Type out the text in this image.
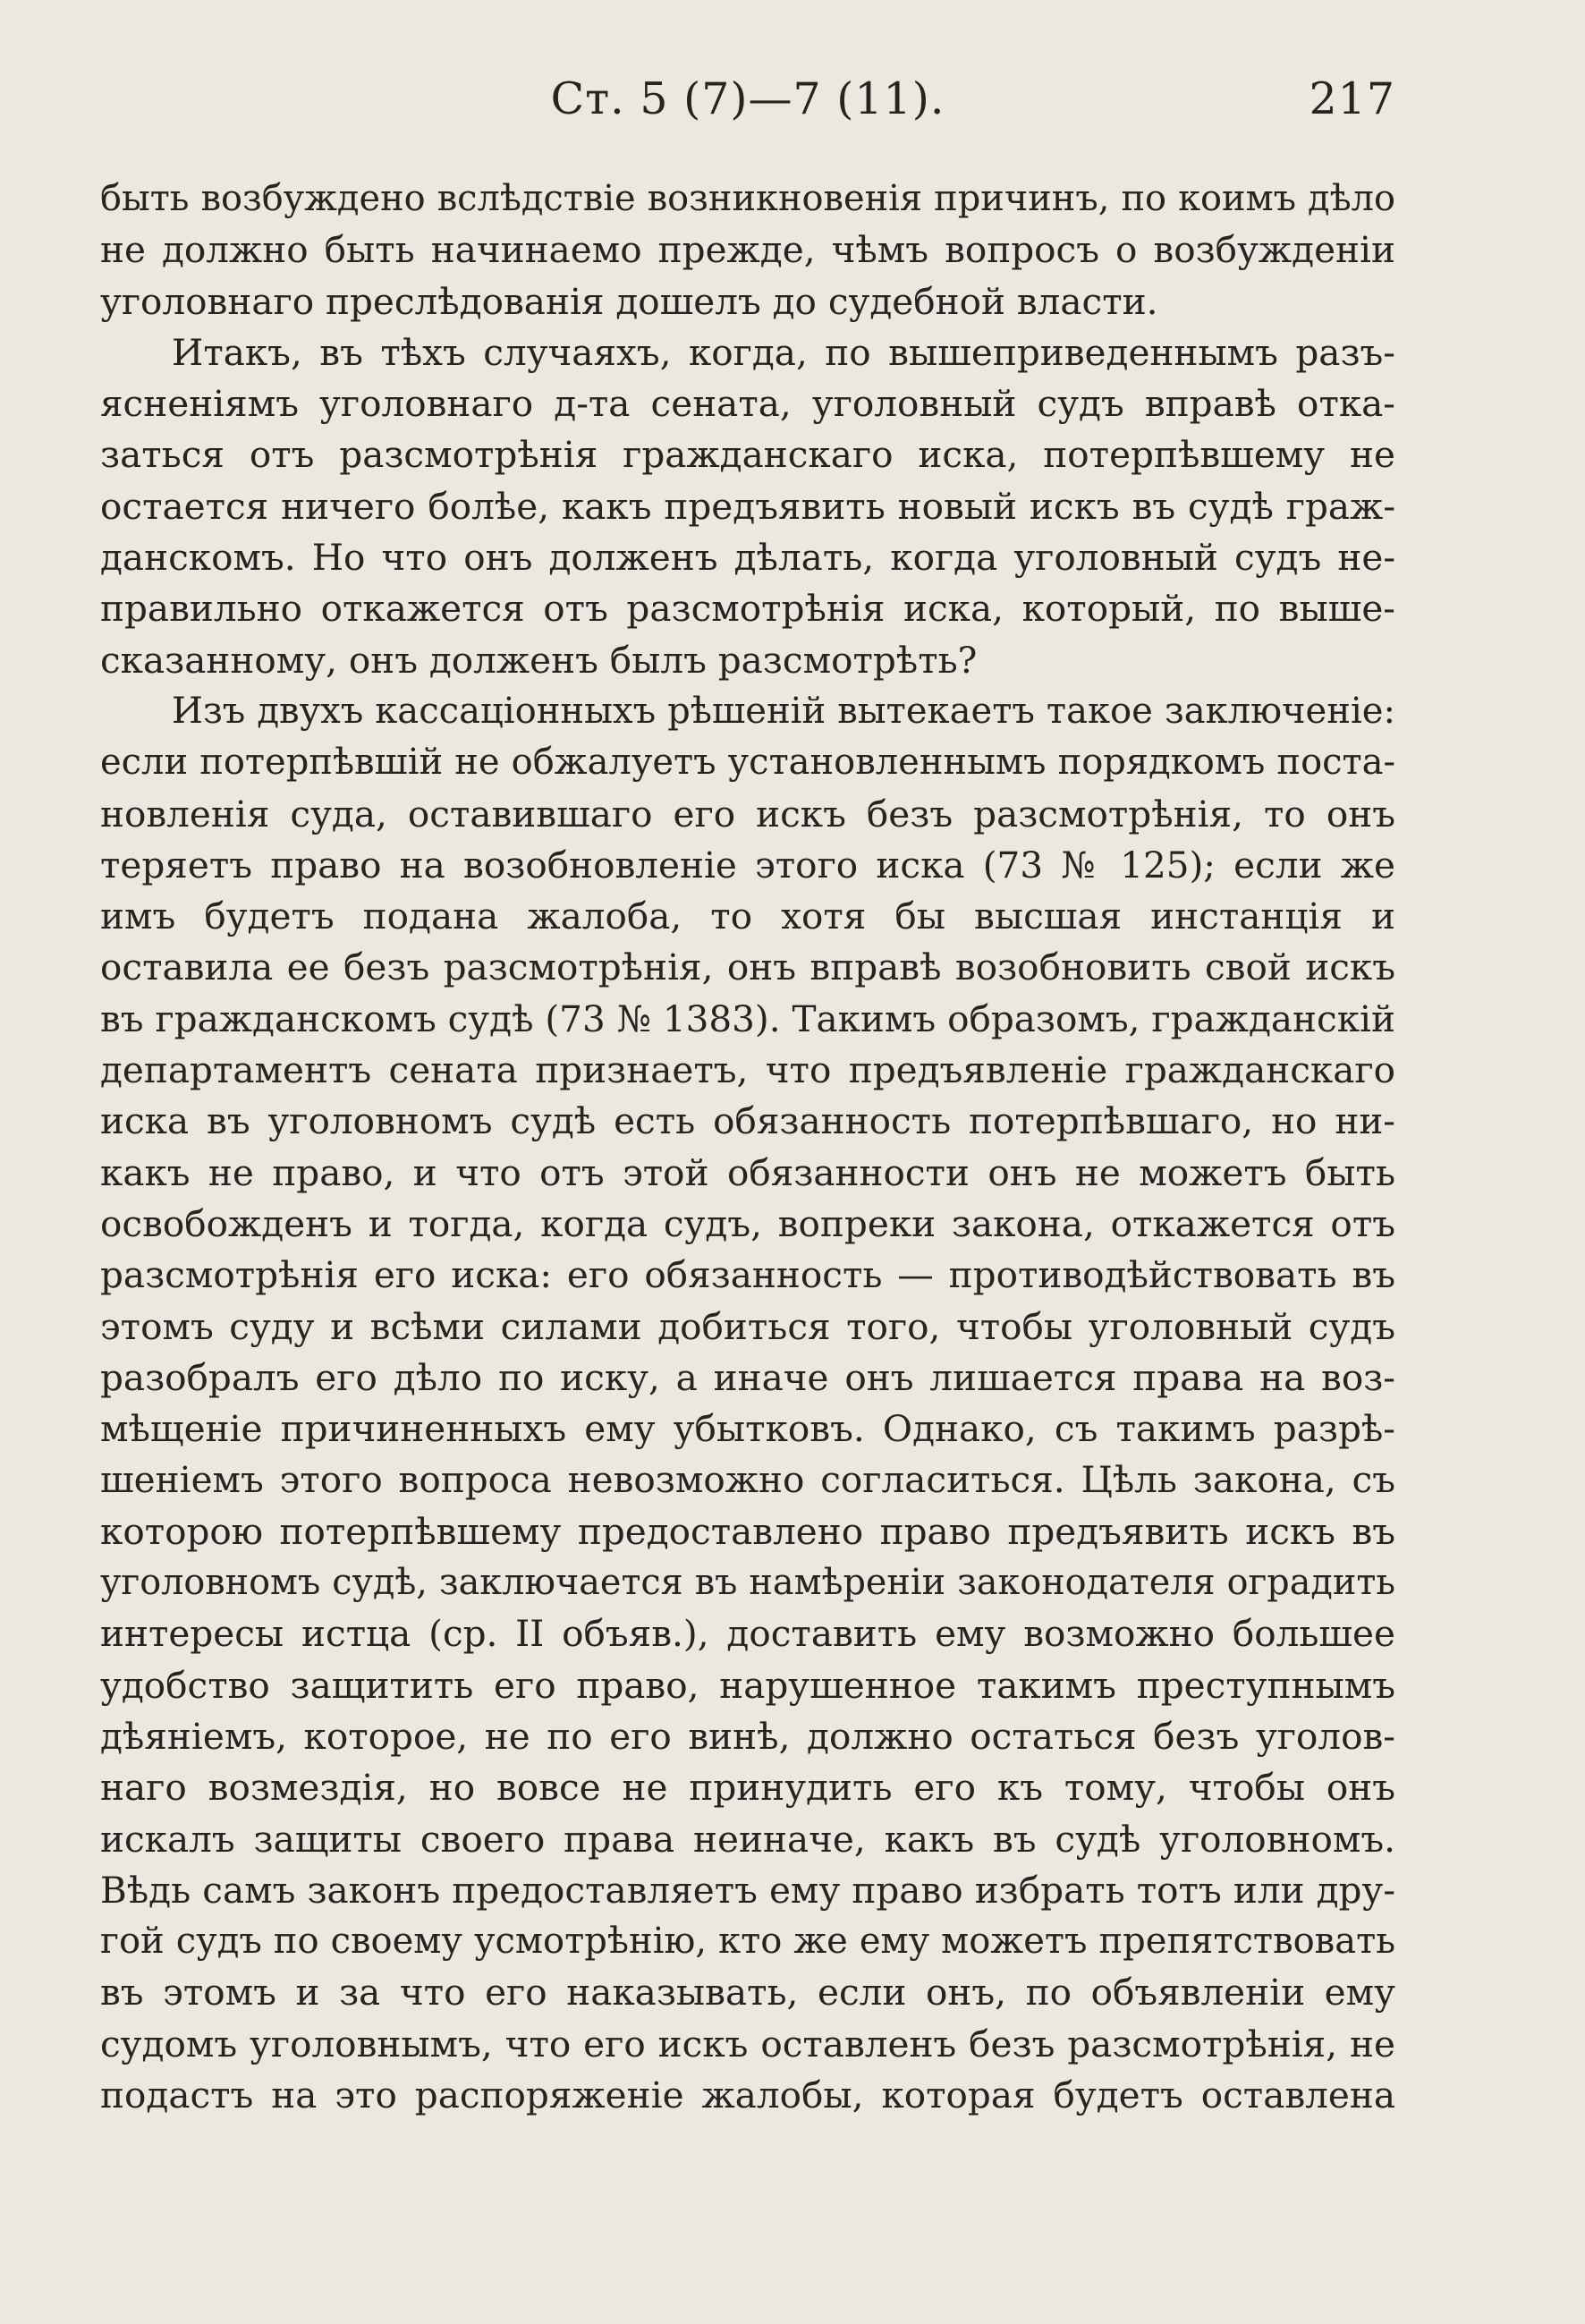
Ст. 5 (7)—7 (11).	217
быть возбуждено вслѣдствіе возникновенія причинъ, по коимъ дѣло
не должно быть начинаемо прежде, чѣмъ вопросъ о возбужденіи
уголовнаго преслѣдованія дошелъ до судебной власти.
Итакъ, въ тѣхъ случаяхъ, когда, по вышеприведеннымъ разъ-
ясненіямъ уголовнаго д-та сената, уголовный судъ вправѣ отка-
заться отъ разсмотрѣнія гражданскаго иска, потерпѣвшему не
остается ничего болѣе, какъ предъявить новый искъ въ судѣ граж-
данскомъ. Но что онъ долженъ дѣлать, когда уголовный судъ не-
правильно откажется отъ разсмотрѣнія иска, который, по выше-
сказанному, онъ долженъ былъ разсмотрѣть?
Изъ двухъ кассаціонныхъ рѣшеній вытекаетъ такое заключеніе:
если потерпѣвшій не обжалуетъ установленнымъ порядкомъ поста-
новленія суда, оставившаго его искъ безъ разсмотрѣнія, то онъ
теряетъ право на возобновленіе этого иска (73 № 125); если же
имъ будетъ подана жалоба, то хотя бы высшая инстанція и
оставила ее безъ разсмотрѣнія, онъ вправѣ возобновить свой искъ
въ гражданскомъ судѣ (73 № 1383). Такимъ образомъ, гражданскій
департаментъ сената признаетъ, что предъявленіе гражданскаго
иска въ уголовномъ судѣ есть обязанность потерпѣвшаго, но ни-
какъ не право, и что отъ этой обязанности онъ не можетъ быть
освобожденъ и тогда, когда судъ, вопреки закона, откажется отъ
разсмотрѣнія его иска: его обязанность — противодѣйствовать въ
этомъ суду и всѣми силами добиться того, чтобы уголовный судъ
разобралъ его дѣло по иску, а иначе онъ лишается права на воз-
мѣщеніе причиненныхъ ему убытковъ. Однако, съ такимъ разрѣ-
шеніемъ этого вопроса невозможно согласиться. Цѣль закона, съ
которою потерпѣвшему предоставлено право предъявить искъ въ
уголовномъ судѣ, заключается въ намѣреніи законодателя оградить
интересы истца (ср. II объяв.), доставить ему возможно большее
удобство защитить его право, нарушенное такимъ преступнымъ
дѣяніемъ, которое, не по его винѣ, должно остаться безъ уголов-
наго возмездія, но вовсе не принудить его къ тому, чтобы онъ
искалъ защиты своего права неиначе, какъ въ судѣ уголовномъ.
Вѣдь самъ законъ предоставляетъ ему право избрать тотъ или дру-
гой судъ по своему усмотрѣнію, кто же ему можетъ препятствовать
въ этомъ и за что его наказывать, если онъ, по объявленіи ему
судомъ уголовнымъ, что его искъ оставленъ безъ разсмотрѣнія, не
подастъ на это распоряженіе жалобы, которая будетъ оставлена
